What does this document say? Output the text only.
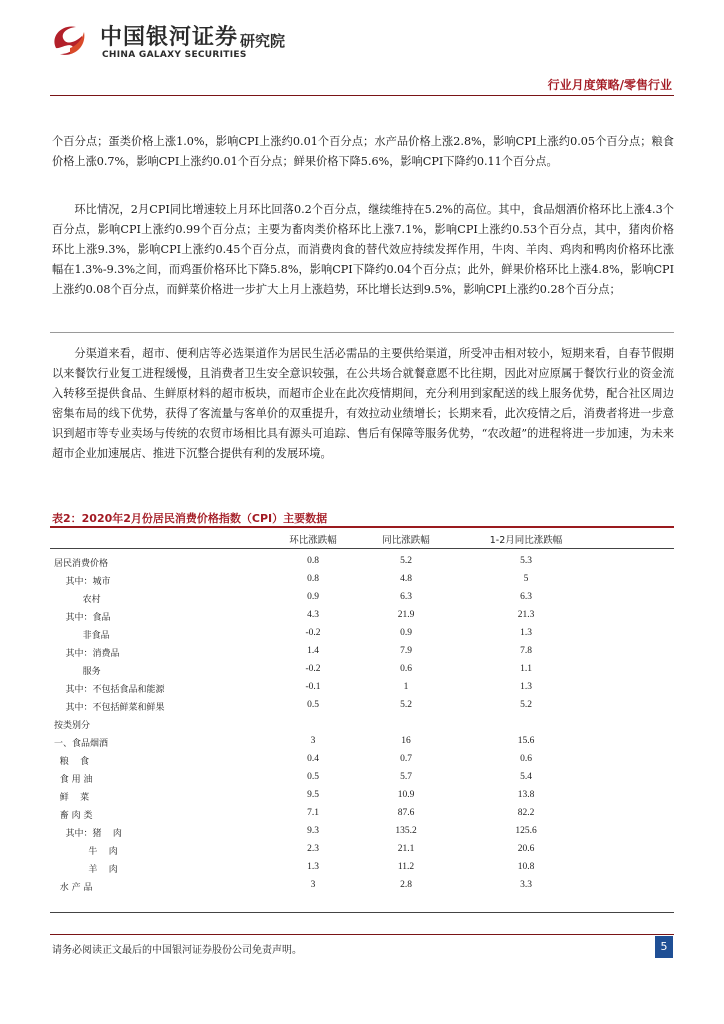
中国银河证券
CHINA GALAXY SECURITIES
研究院
行业月度策略/零售行业

个百分点；蛋类价格上涨1.0%，影响CPI上涨约0.01个百分点；水产品价格上涨2.8%，影响CPI上涨约0.05个百分点；粮食价格上涨0.7%，影响CPI上涨约0.01个百分点；鲜果价格下降5.6%，影响CPI下降约0.11个百分点。

环比情况，2月CPI同比增速较上月环比回落0.2个百分点，继续维持在5.2%的高位。其中，食品烟酒价格环比上涨4.3个百分点，影响CPI上涨约0.99个百分点；主要为畜肉类价格环比上涨7.1%，影响CPI上涨约0.53个百分点，其中，猪肉价格环比上涨9.3%，影响CPI上涨约0.45个百分点，而消费肉食的替代效应持续发挥作用，牛肉、羊肉、鸡肉和鸭肉价格环比涨幅在1.3%-9.3%之间，而鸡蛋价格环比下降5.8%，影响CPI下降约0.04个百分点；此外，鲜果价格环比上涨4.8%，影响CPI上涨约0.08个百分点，而鲜菜价格进一步扩大上月上涨趋势，环比增长达到9.5%，影响CPI上涨约0.28个百分点；

分渠道来看，超市、便利店等必选渠道作为居民生活必需品的主要供给渠道，所受冲击相对较小，短期来看，自春节假期以来餐饮行业复工进程缓慢，且消费者卫生安全意识较强，在公共场合就餐意愿不比往期，因此对应原属于餐饮行业的资金流入转移至提供食品、生鲜原材料的超市板块，而超市企业在此次疫情期间，充分利用到家配送的线上服务优势，配合社区周边密集布局的线下优势，获得了客流量与客单价的双重提升，有效拉动业绩增长；长期来看，此次疫情之后，消费者将进一步意识到超市等专业卖场与传统的农贸市场相比具有源头可追踪、售后有保障等服务优势，“农改超”的进程将进一步加速，为未来超市企业加速展店、推进下沉整合提供有利的发展环境。

表2：2020年2月份居民消费价格指数（CPI）主要数据
环比涨跌幅	同比涨跌幅	1-2月同比涨跌幅
居民消费价格	0.8	5.2	5.3
其中：城市	0.8	4.8	5
农村	0.9	6.3	6.3
其中：食品	4.3	21.9	21.3
非食品	-0.2	0.9	1.3
其中：消费品	1.4	7.9	7.8
服务	-0.2	0.6	1.1
其中：不包括食品和能源	-0.1	1	1.3
其中：不包括鲜菜和鲜果	0.5	5.2	5.2
按类别分
一、食品烟酒	3	16	15.6
粮    食	0.4	0.7	0.6
食 用 油	0.5	5.7	5.4
鲜    菜	9.5	10.9	13.8
畜 肉 类	7.1	87.6	82.2
其中：猪    肉	9.3	135.2	125.6
牛    肉	2.3	21.1	20.6
羊    肉	1.3	11.2	10.8
水 产 品	3	2.8	3.3
请务必阅读正文最后的中国银河证券股份公司免责声明。	5
